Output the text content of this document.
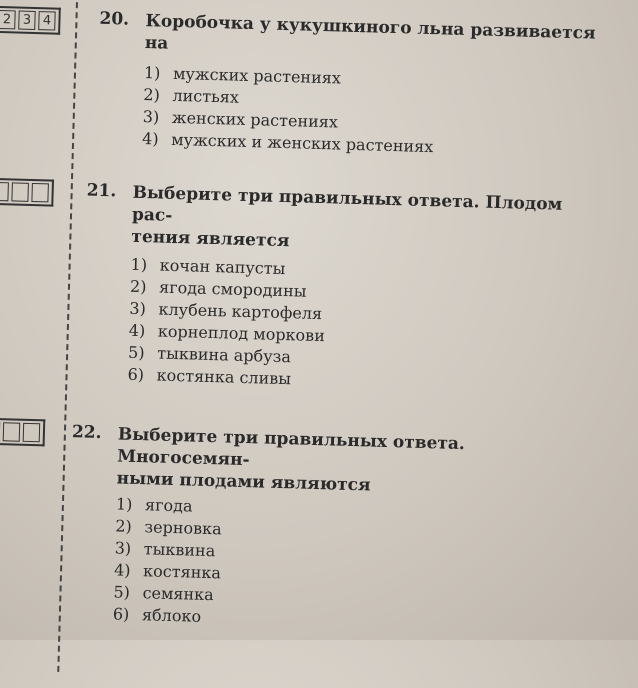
2 3 4	20. Коробочка у кукушкиного льна развивается на
1) мужских растениях
2) листьях
3) женских растениях
4) мужских и женских растениях
21. Выберите три правильных ответа. Плодом рас-
тения является
1) кочан капусты
2) ягода смородины
3) клубень картофеля
4) корнеплод моркови
5) тыквина арбуза
6) костянка сливы
22. Выберите три правильных ответа. Многосемян-
ными плодами являются
1) ягода
2) зерновка
3) тыквина
4) костянка
5) семянка
6) яблоко
